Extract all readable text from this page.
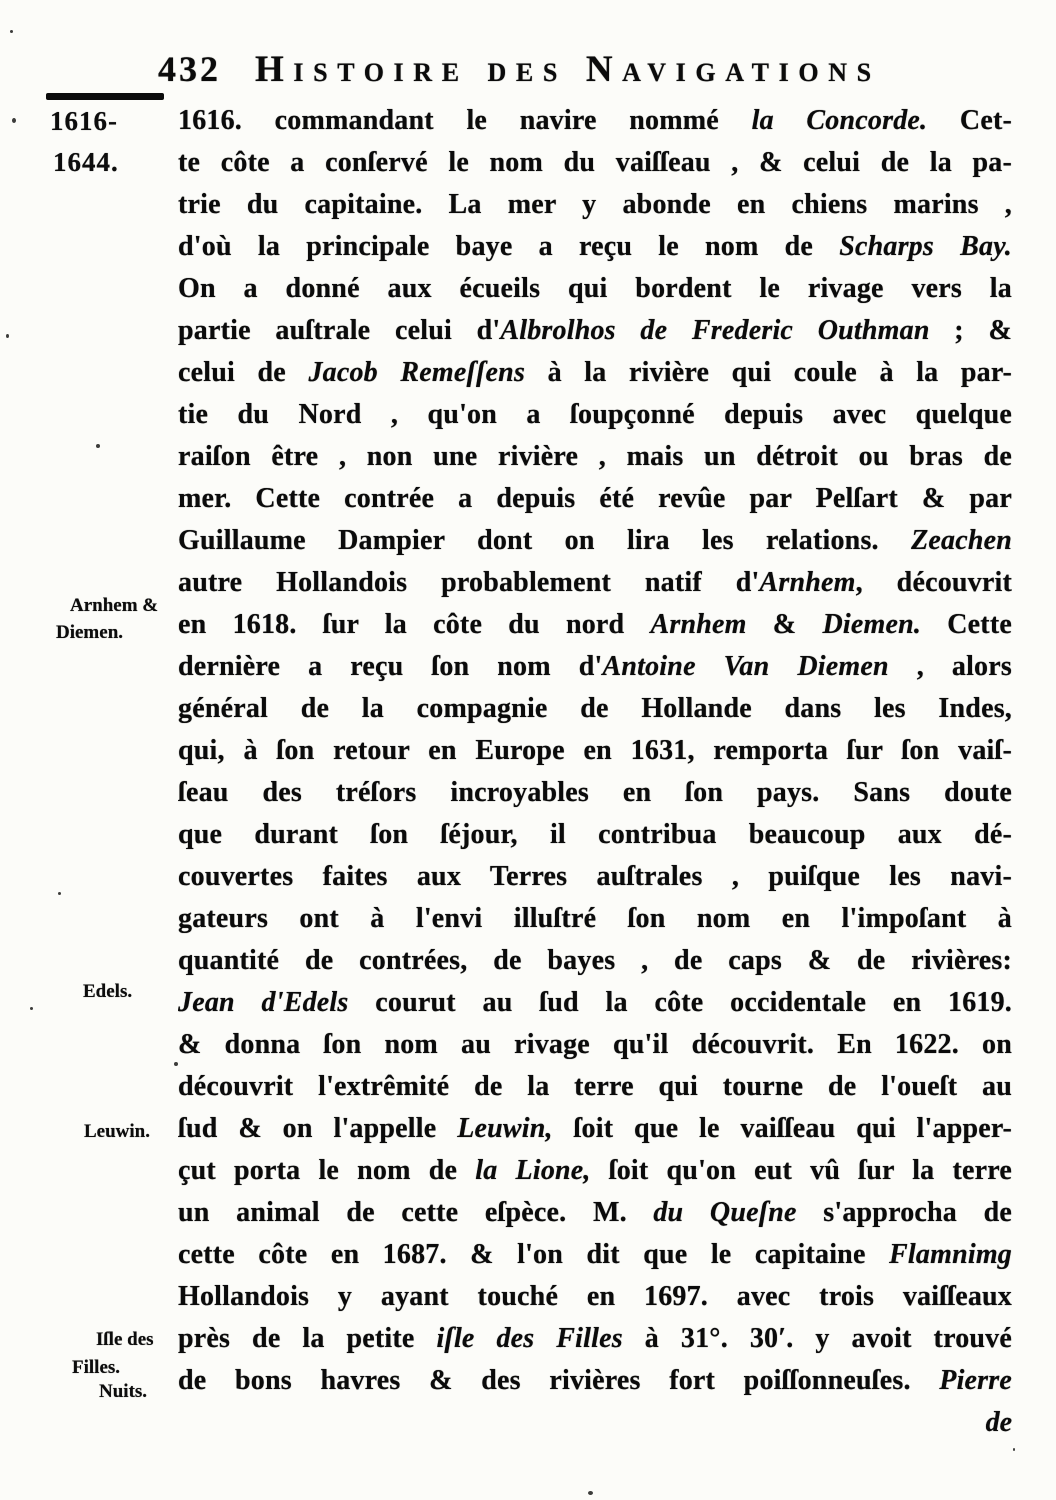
432 Histoire des Navigations
1616-
1644.
Arnhem &
Diemen.
Edels.
Leuwin.
Iſle des
Filles.
Nuits.
1616. commandant le navire nommé la Concorde. Cet-
te côte a conſervé le nom du vaiſſeau , & celui de la pa-
trie du capitaine. La mer y abonde en chiens marins ,
d'où la principale baye a reçu le nom de Scharps Bay.
On a donné aux écueils qui bordent le rivage vers la
partie auſtrale celui d'Albrolhos de Frederic Outhman ; &
celui de Jacob Remeſſens à la rivière qui coule à la par-
tie du Nord , qu'on a ſoupçonné depuis avec quelque
raiſon être , non une rivière , mais un détroit ou bras de
mer. Cette contrée a depuis été revûe par Pelſart & par
Guillaume Dampier dont on lira les relations. Zeachen
autre Hollandois probablement natif d'Arnhem, découvrit
en 1618. ſur la côte du nord Arnhem & Diemen. Cette
dernière a reçu ſon nom d'Antoine Van Diemen , alors
général de la compagnie de Hollande dans les Indes,
qui, à ſon retour en Europe en 1631, remporta ſur ſon vaiſ-
ſeau des tréſors incroyables en ſon pays. Sans doute
que durant ſon ſéjour, il contribua beaucoup aux dé-
couvertes faites aux Terres auſtrales , puiſque les navi-
gateurs ont à l'envi illuſtré ſon nom en l'impoſant à
quantité de contrées, de bayes , de caps & de rivières:
Jean d'Edels courut au ſud la côte occidentale en 1619.
& donna ſon nom au rivage qu'il découvrit. En 1622. on
découvrit l'extrêmité de la terre qui tourne de l'oueſt au
ſud & on l'appelle Leuwin, ſoit que le vaiſſeau qui l'apper-
çut porta le nom de la Lione, ſoit qu'on eut vû ſur la terre
un animal de cette eſpèce. M. du Queſne s'approcha de
cette côte en 1687. & l'on dit que le capitaine Flamnimg
Hollandois y ayant touché en 1697. avec trois vaiſſeaux
près de la petite iſle des Filles à 31°. 30′. y avoit trouvé
de bons havres & des rivières fort poiſſonneuſes. Pierre
de
